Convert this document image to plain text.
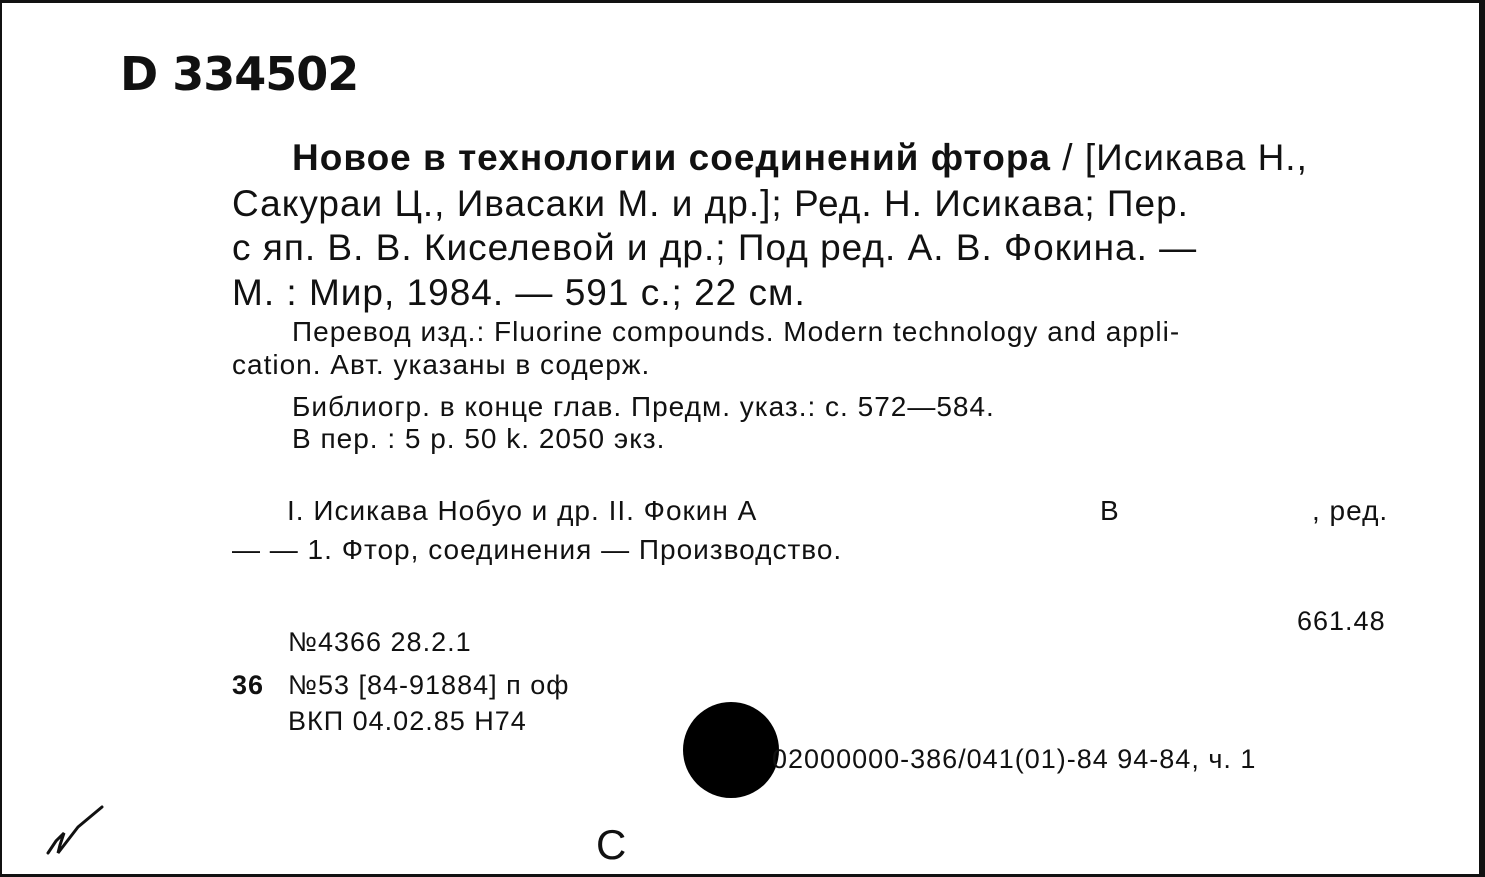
D 334502
Новое в технологии соединений фтора / [Исикава Н.,
Сакураи Ц., Ивасаки М. и др.]; Ред. Н. Исикава; Пер.
с яп. В. В. Киселевой и др.; Под ред. А. В. Фокина. —
М. : Мир, 1984. — 591 с.; 22 см.
Перевод изд.: Fluorine compounds. Modern technology and appli-
cation. Авт. указаны в содерж.
Библиогр. в конце глав. Предм. указ.: с. 572—584.
В пер. : 5 р. 50 k. 2050 экз.
I. Исикава Нобуо и др. II. Фокин А	В	, ред.
— — 1. Фтор, соединения — Производство.
661.48
№4366 28.2.1
36 №53 [84-91884] п оф
ВКП 04.02.85 Н74
02000000-386/041(01)-84 94-84, ч. 1
С
